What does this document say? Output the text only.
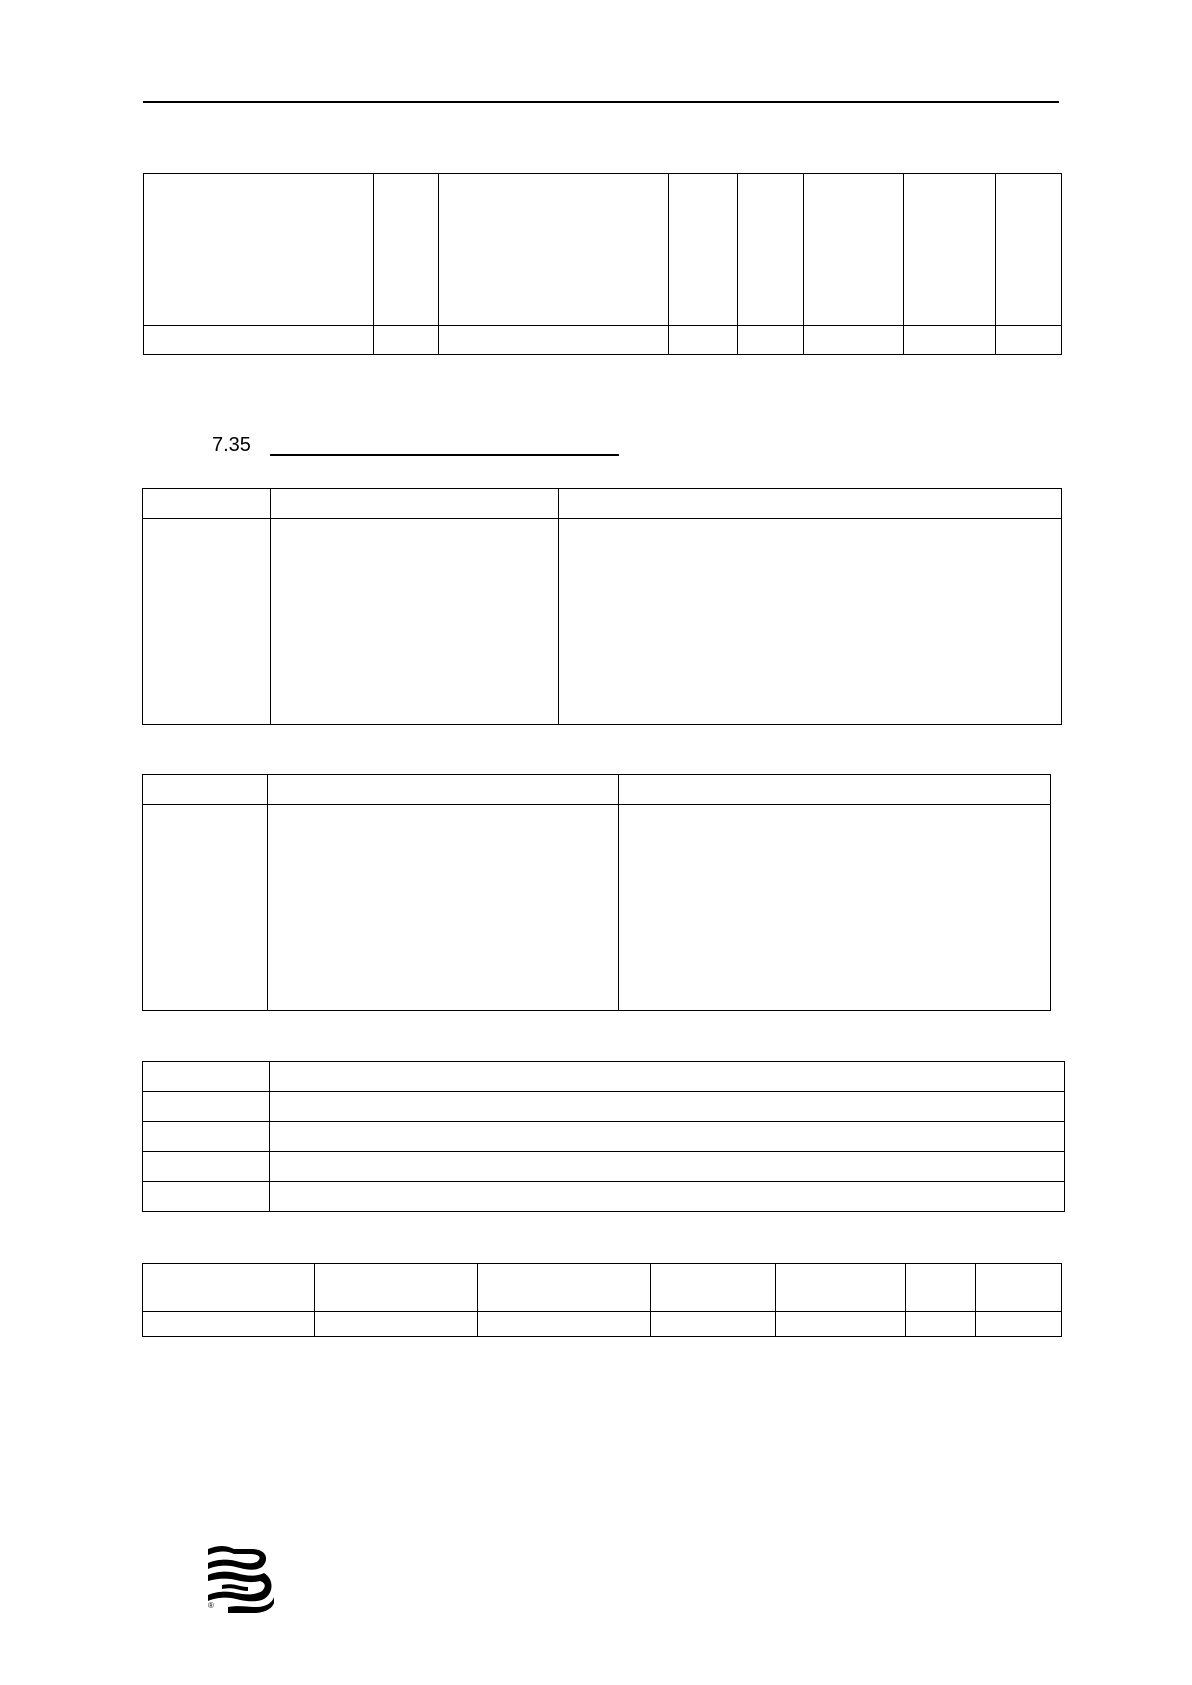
7.35

®
